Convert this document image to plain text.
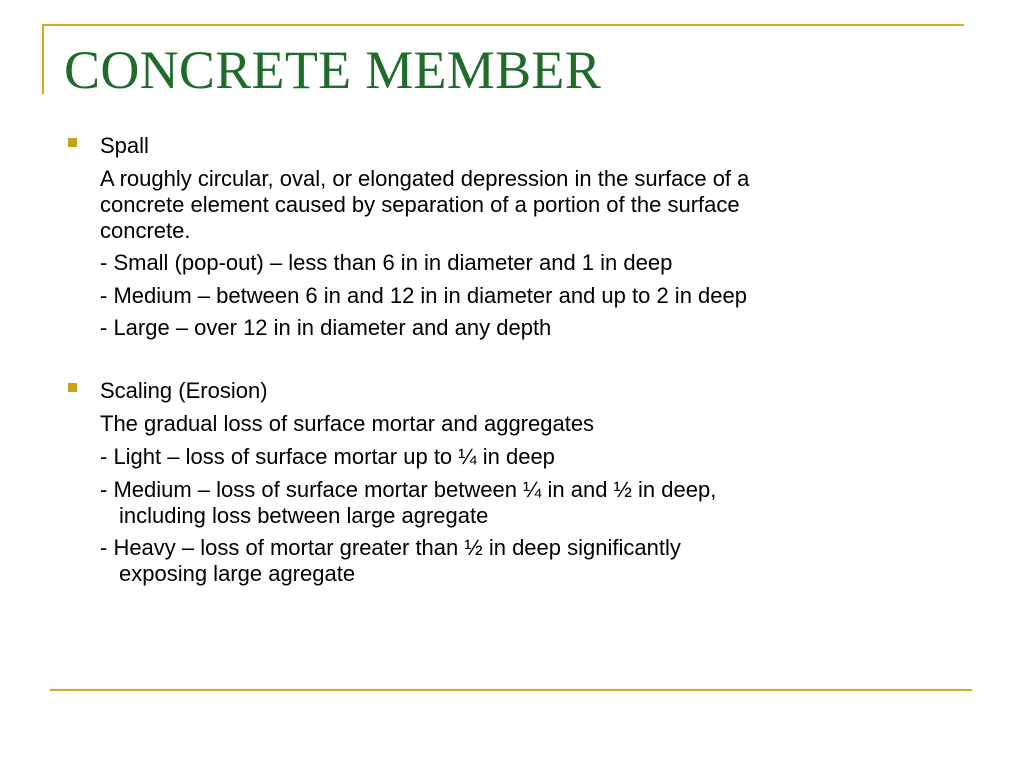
CONCRETE MEMBER
Spall
A roughly circular, oval, or elongated depression in the surface of a
concrete element caused by separation of a portion of the surface
concrete.
- Small (pop-out) – less than 6 in in diameter and 1 in deep
- Medium – between 6 in and 12 in in diameter and up to 2 in deep
- Large – over 12 in in diameter and any depth
Scaling (Erosion)
The gradual loss of surface mortar and aggregates
- Light – loss of surface mortar up to ¼ in deep
- Medium – loss of surface mortar between ¼ in and ½ in deep,
including loss between large agregate
- Heavy – loss of mortar greater than ½ in deep significantly
exposing large agregate
